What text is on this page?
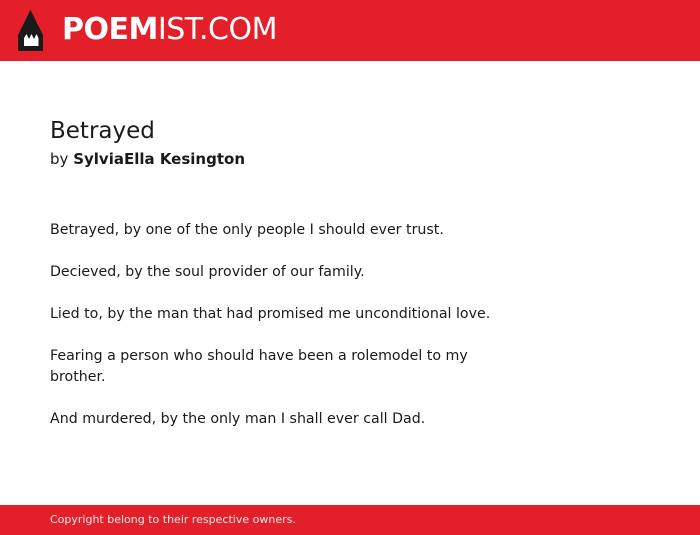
POEMIST.COM
Betrayed
by SylviaElla Kesington

Betrayed, by one of the only people I should ever trust.

Decieved, by the soul provider of our family.

Lied to, by the man that had promised me unconditional love.

Fearing a person who should have been a rolemodel to my brother.

And murdered, by the only man I shall ever call Dad.

Copyright belong to their respective owners.
